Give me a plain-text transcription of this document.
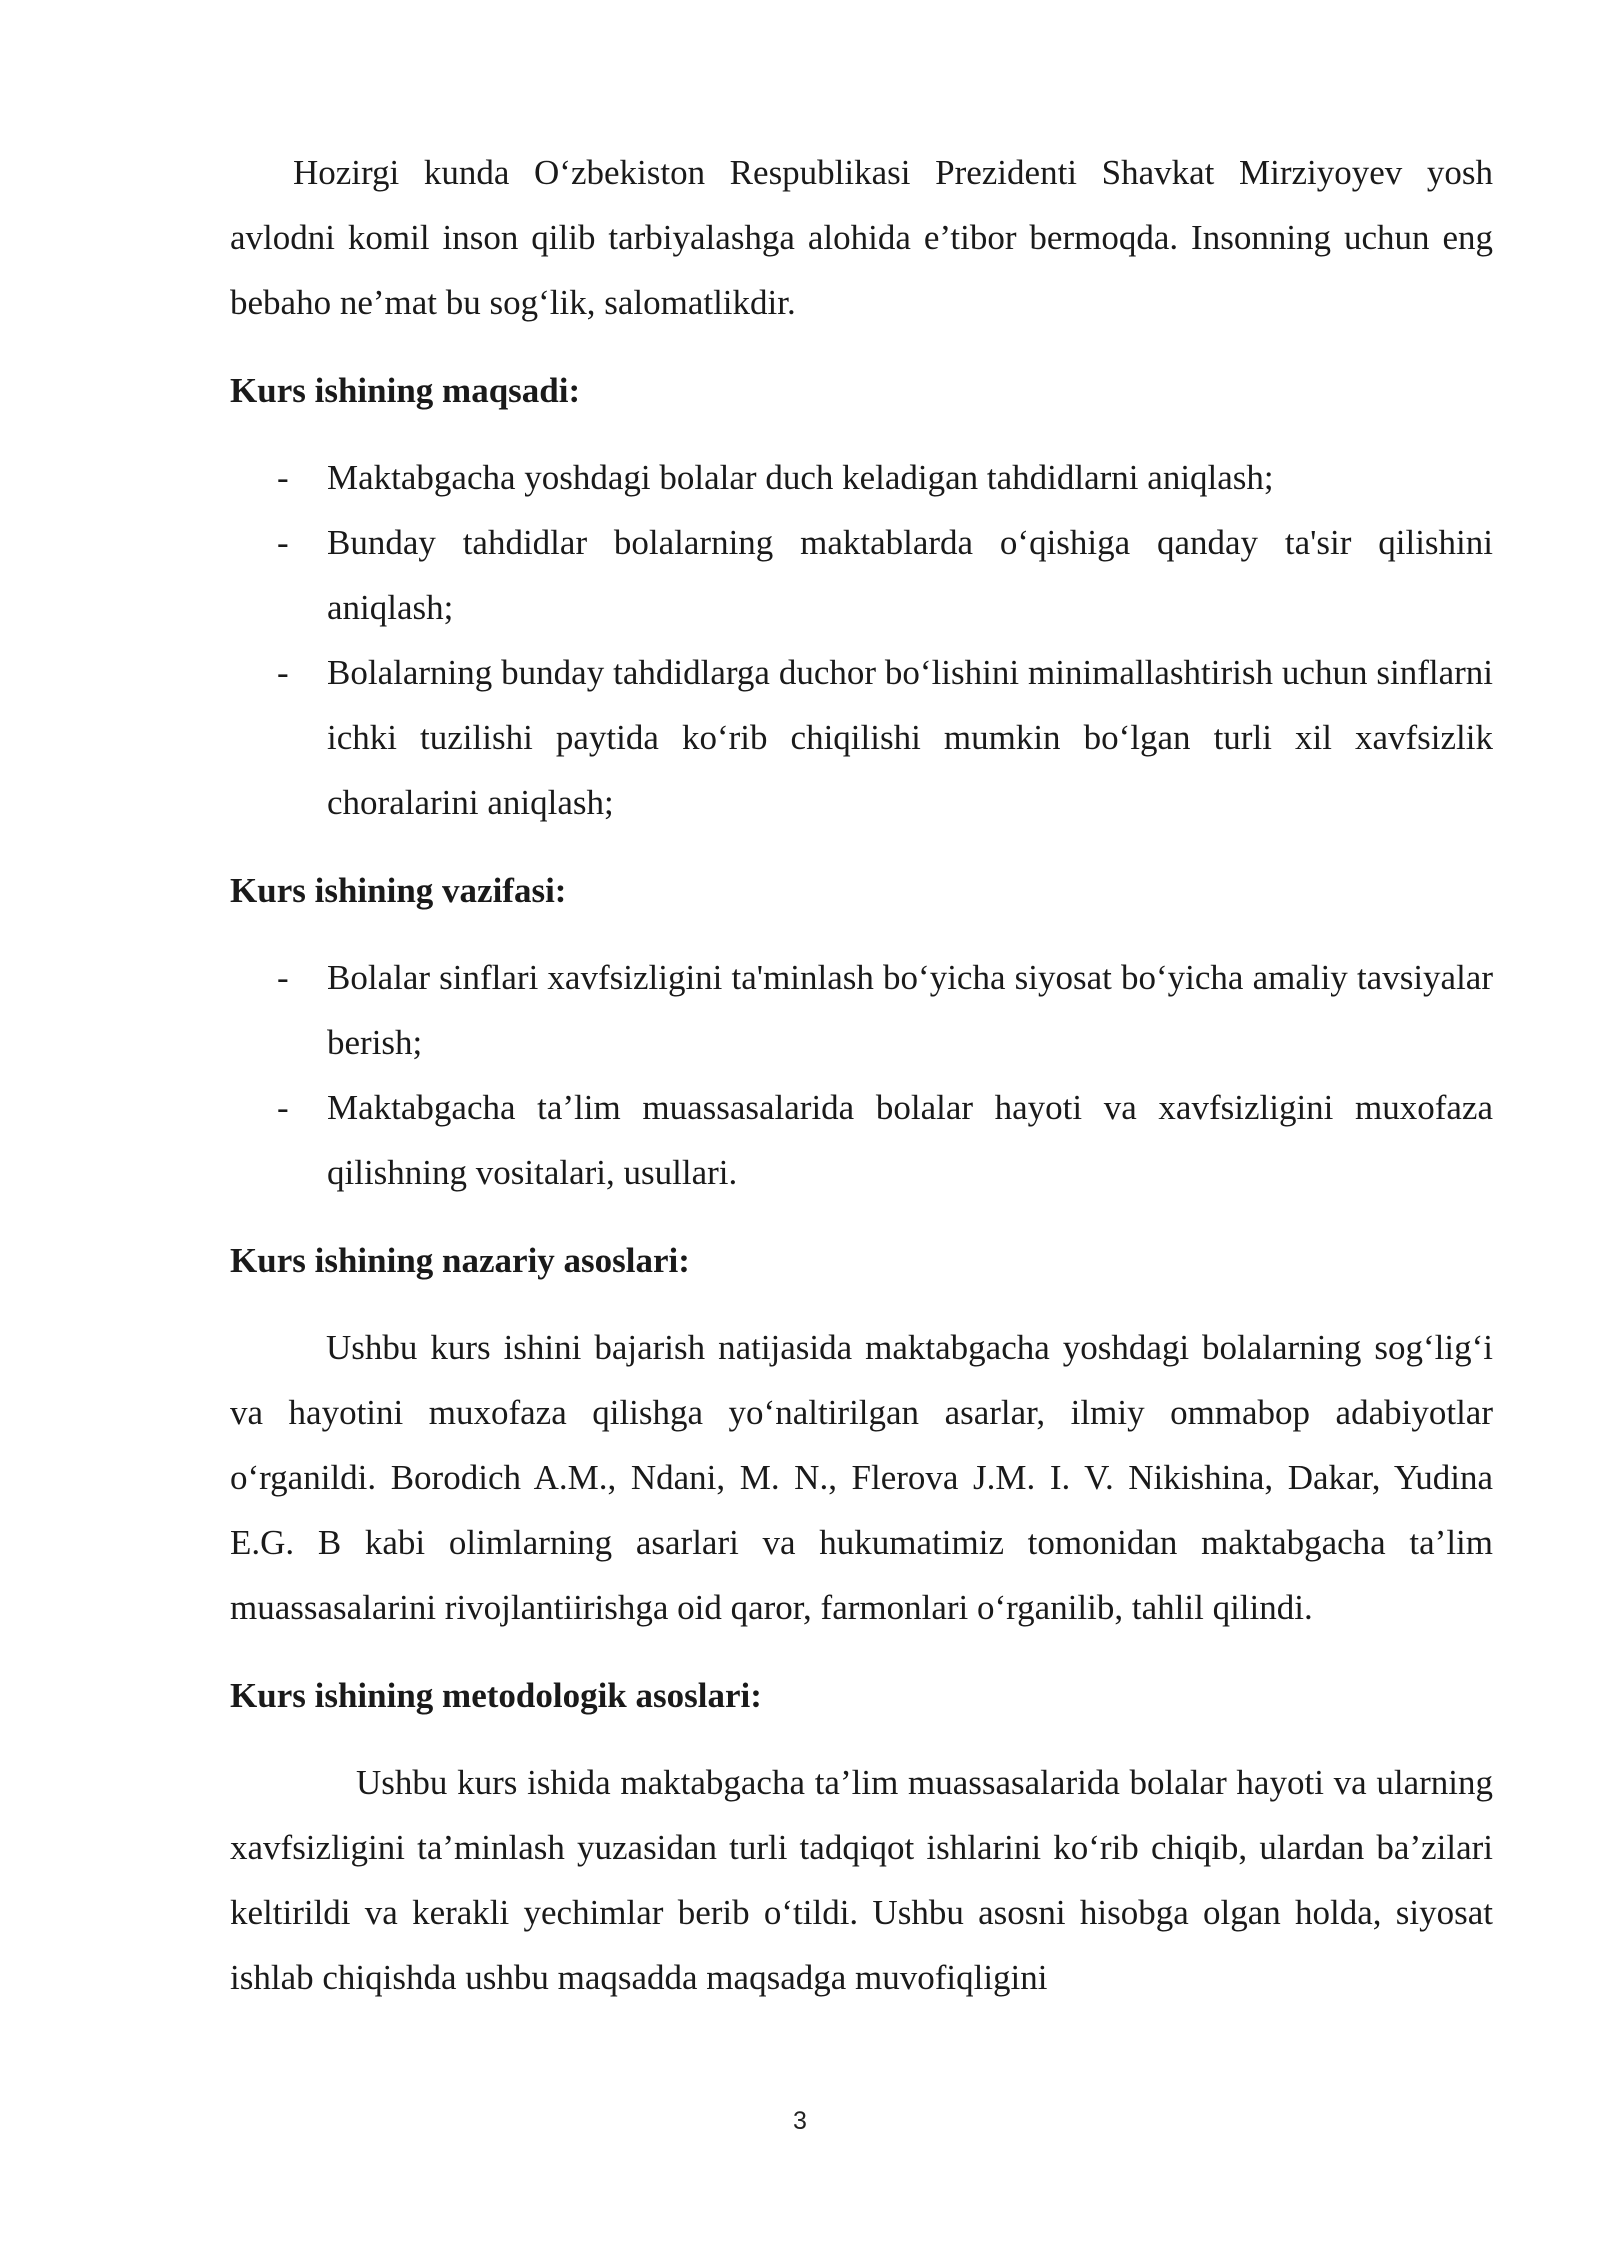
Hozirgi kunda O‘zbekiston Respublikasi Prezidenti Shavkat Mirziyoyev yosh avlodni komil inson qilib tarbiyalashga alohida e’tibor bermoqda. Insonning uchun eng bebaho ne’mat bu sog‘lik, salomatlikdir.

Kurs ishining maqsadi:

- Maktabgacha yoshdagi bolalar duch keladigan tahdidlarni aniqlash;
- Bunday tahdidlar bolalarning maktablarda o‘qishiga qanday ta'sir qilishini aniqlash;
- Bolalarning bunday tahdidlarga duchor bo‘lishini minimallashtirish uchun sinflarni ichki tuzilishi paytida ko‘rib chiqilishi mumkin bo‘lgan turli xil xavfsizlik choralarini aniqlash;

Kurs ishining vazifasi:

- Bolalar sinflari xavfsizligini ta'minlash bo‘yicha siyosat bo‘yicha amaliy tavsiyalar berish;
- Maktabgacha ta’lim muassasalarida bolalar hayoti va xavfsizligini muxofaza qilishning vositalari, usullari.

Kurs ishining nazariy asoslari:

Ushbu kurs ishini bajarish natijasida maktabgacha yoshdagi bolalarning sog‘lig‘i va hayotini muxofaza qilishga yo‘naltirilgan asarlar, ilmiy ommabop adabiyotlar o‘rganildi. Borodich A.M., Ndani, M. N., Flerova J.M. I. V. Nikishina, Dakar, Yudina E.G. B kabi olimlarning asarlari va hukumatimiz tomonidan maktabgacha ta’lim muassasalarini rivojlantiirishga oid qaror, farmonlari o‘rganilib, tahlil qilindi.

Kurs ishining metodologik asoslari:

Ushbu kurs ishida maktabgacha ta’lim muassasalarida bolalar hayoti va ularning xavfsizligini ta’minlash yuzasidan turli tadqiqot ishlarini ko‘rib chiqib, ulardan ba’zilari keltirildi va kerakli yechimlar berib o‘tildi. Ushbu asosni hisobga olgan holda, siyosat ishlab chiqishda ushbu maqsadda maqsadga muvofiqligini

3
